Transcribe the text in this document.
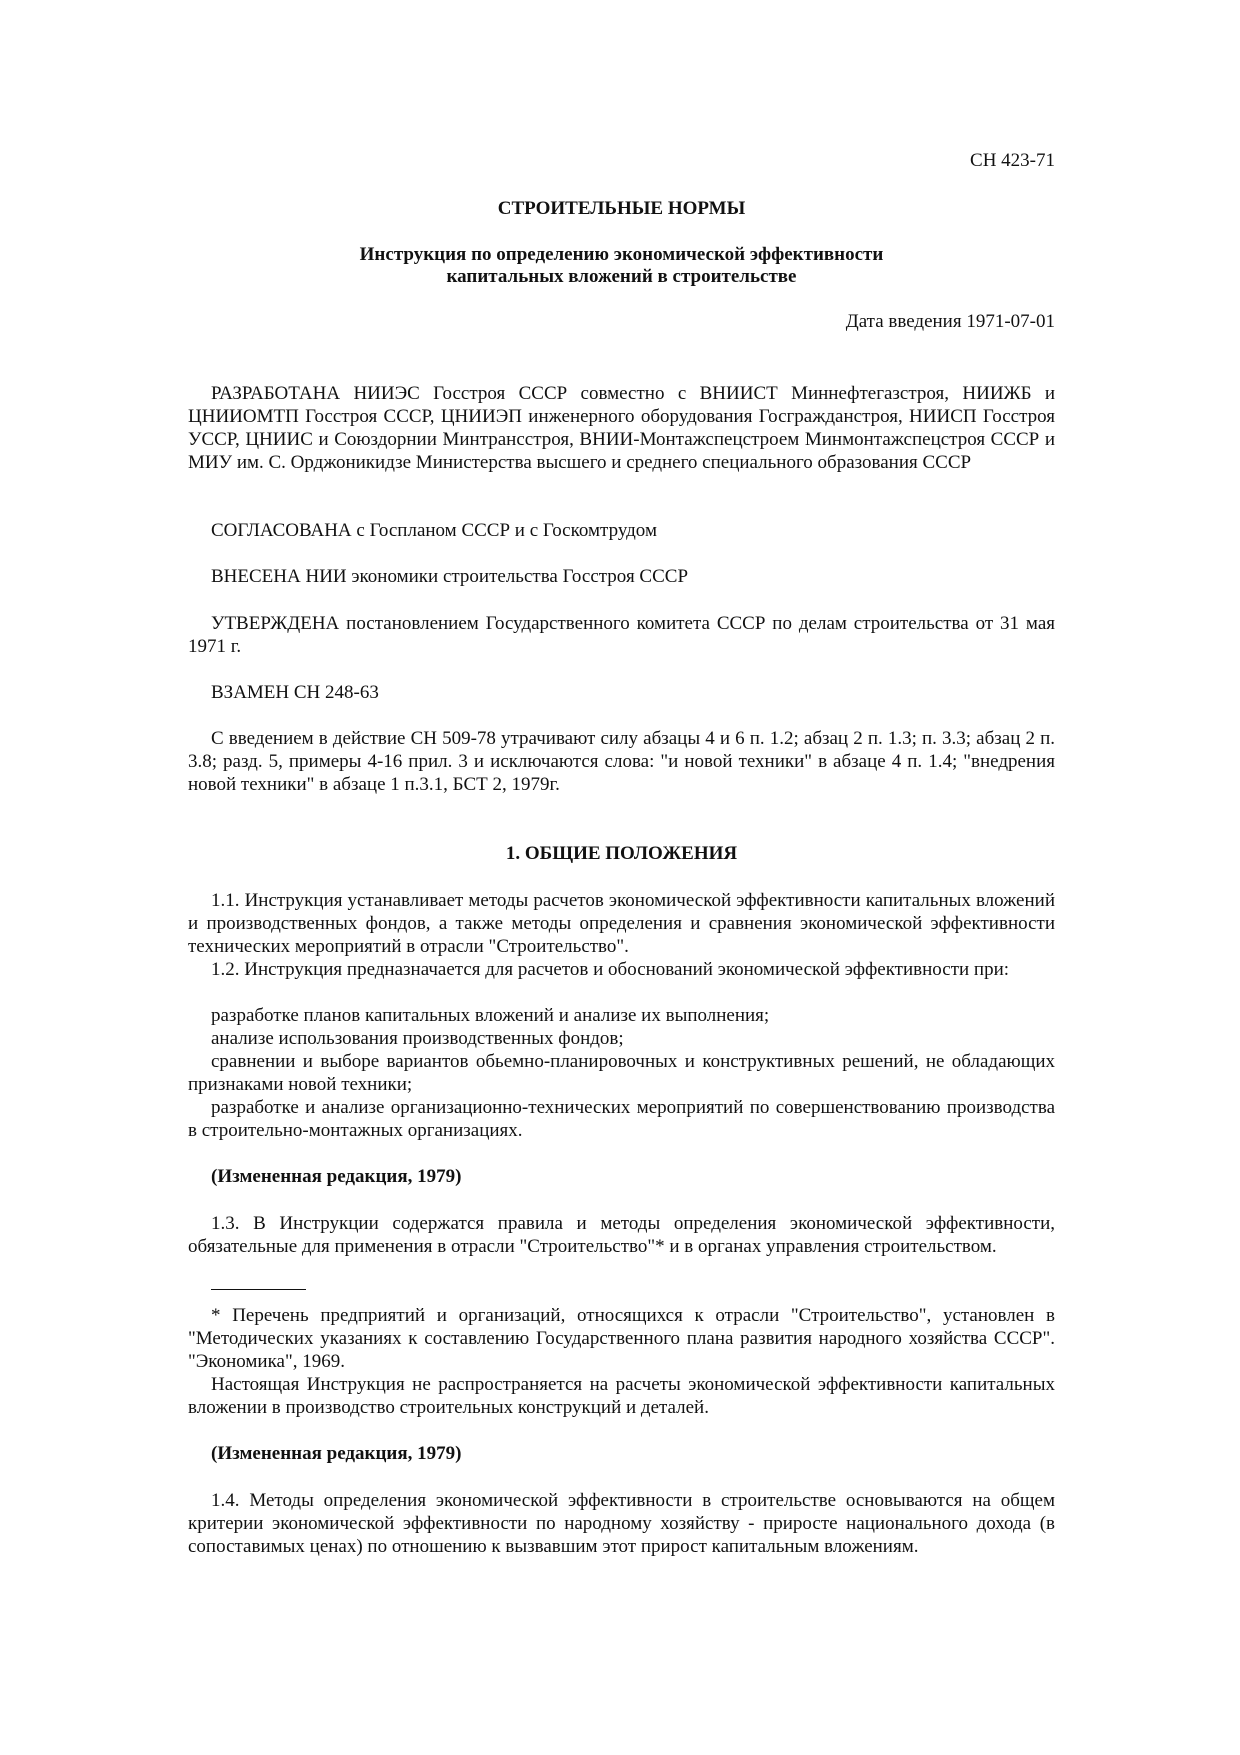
СН 423-71
СТРОИТЕЛЬНЫЕ НОРМЫ
Инструкция по определению экономической эффективности
капитальных вложений в строительстве
Дата введения 1971-07-01

РАЗРАБОТАНА НИИЭС Госстроя СССР совместно с ВНИИСТ Миннефтегазстроя, НИИЖБ и ЦНИИОМТП Госстроя СССР, ЦНИИЭП инженерного оборудования Госгражданстроя, НИИСП Госстроя УССР, ЦНИИС и Союздорнии Минтрансстроя, ВНИИ-Монтажспецстроем Минмонтажспецстроя СССР и МИУ им. С. Орджоникидзе Министерства высшего и среднего специального образования СССР

СОГЛАСОВАНА с Госпланом СССР и с Госкомтрудом

ВНЕСЕНА НИИ экономики строительства Госстроя СССР

УТВЕРЖДЕНА постановлением Государственного комитета СССР по делам строительства от 31 мая 1971 г.

ВЗАМЕН СН 248-63

С введением в действие СН 509-78 утрачивают силу абзацы 4 и 6 п. 1.2; абзац 2 п. 1.3; п. 3.3; абзац 2 п. 3.8; разд. 5, примеры 4-16 прил. 3 и исключаются слова: "и новой техники" в абзаце 4 п. 1.4; "внедрения новой техники" в абзаце 1 п.3.1, БСТ 2, 1979г.

1. ОБЩИЕ ПОЛОЖЕНИЯ

1.1. Инструкция устанавливает методы расчетов экономической эффективности капитальных вложений и производственных фондов, а также методы определения и сравнения экономической эффективности технических мероприятий в отрасли "Строительство".

1.2. Инструкция предназначается для расчетов и обоснований экономической эффективности при:

разработке планов капитальных вложений и анализе их выполнения;

анализе использования производственных фондов;

сравнении и выборе вариантов обьемно-планировочных и конструктивных решений, не обладающих признаками новой техники;

разработке и анализе организационно-технических мероприятий по совершенствованию производства в строительно-монтажных организациях.

(Измененная редакция, 1979)

1.3. В Инструкции содержатся правила и методы определения экономической эффективности, обязательные для применения в отрасли "Строительство"* и в органах управления строительством.

* Перечень предприятий и организаций, относящихся к отрасли "Строительство", установлен в "Методических указаниях к составлению Государственного плана развития народного хозяйства СССР". "Экономика", 1969.

Настоящая Инструкция не распространяется на расчеты экономической эффективности капитальных вложении в производство строительных конструкций и деталей.

(Измененная редакция, 1979)

1.4. Методы определения экономической эффективности в строительстве основываются на общем критерии экономической эффективности по народному хозяйству - приросте национального дохода (в сопоставимых ценах) по отношению к вызвавшим этот прирост капитальным вложениям.
